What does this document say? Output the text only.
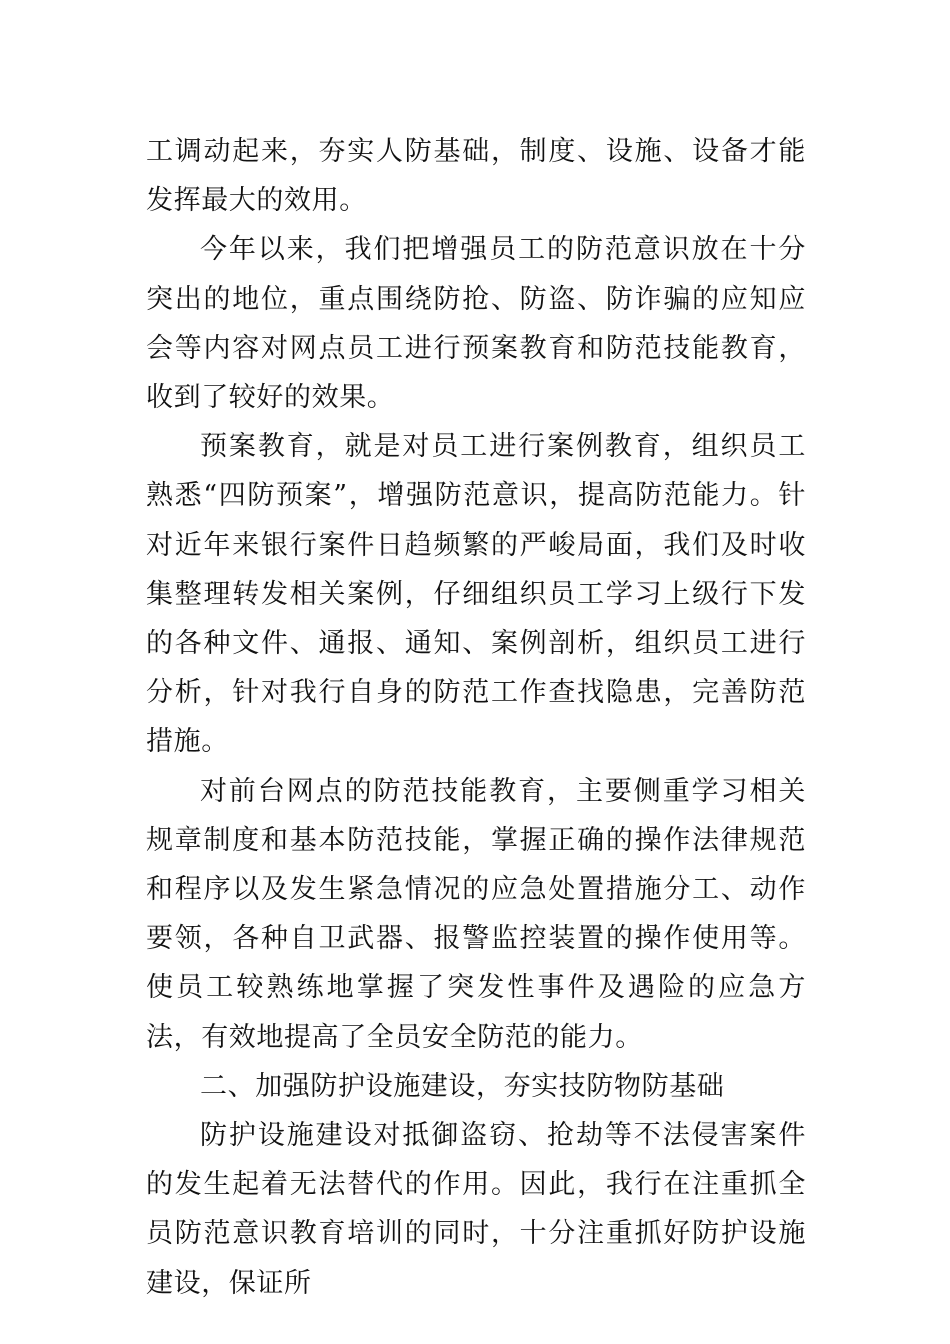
工调动起来，夯实人防基础，制度、设施、设备才能发挥最大的效用。

今年以来，我们把增强员工的防范意识放在十分突出的地位，重点围绕防抢、防盗、防诈骗的应知应会等内容对网点员工进行预案教育和防范技能教育，收到了较好的效果。

预案教育，就是对员工进行案例教育，组织员工熟悉“四防预案”，增强防范意识，提高防范能力。针对近年来银行案件日趋频繁的严峻局面，我们及时收集整理转发相关案例，仔细组织员工学习上级行下发的各种文件、通报、通知、案例剖析，组织员工进行分析，针对我行自身的防范工作查找隐患，完善防范措施。

对前台网点的防范技能教育，主要侧重学习相关规章制度和基本防范技能，掌握正确的操作法律规范和程序以及发生紧急情况的应急处置措施分工、动作要领，各种自卫武器、报警监控装置的操作使用等。使员工较熟练地掌握了突发性事件及遇险的应急方法，有效地提高了全员安全防范的能力。

二、加强防护设施建设，夯实技防物防基础

防护设施建设对抵御盗窃、抢劫等不法侵害案件的发生起着无法替代的作用。因此，我行在注重抓全员防范意识教育培训的同时，十分注重抓好防护设施建设，保证所
